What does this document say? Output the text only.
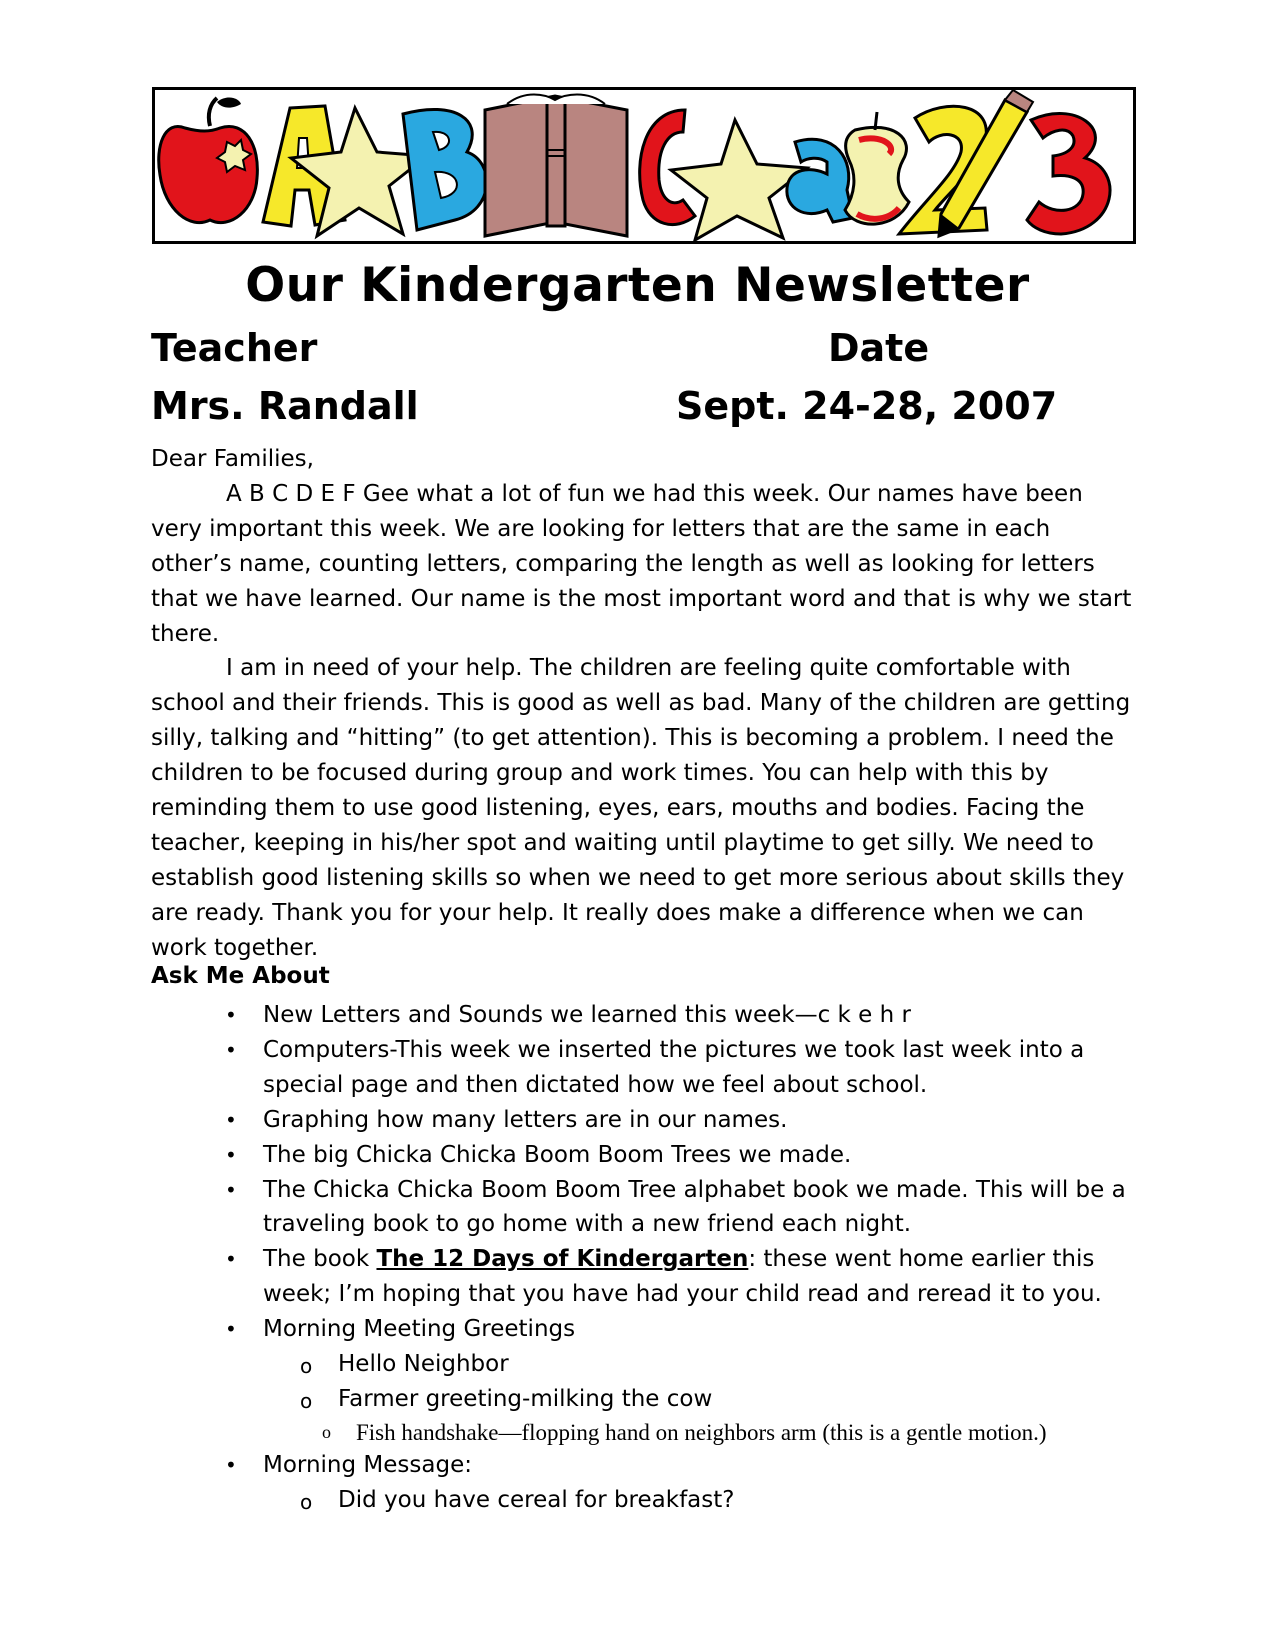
Our Kindergarten Newsletter
Teacher	Date
Mrs. Randall	Sept. 24-28, 2007

Dear Families,

A B C D E F Gee what a lot of fun we had this week. Our names have been very important this week. We are looking for letters that are the same in each other’s name, counting letters, comparing the length as well as looking for letters that we have learned. Our name is the most important word and that is why we start there.

I am in need of your help. The children are feeling quite comfortable with school and their friends. This is good as well as bad. Many of the children are getting silly, talking and “hitting” (to get attention). This is becoming a problem. I need the children to be focused during group and work times. You can help with this by reminding them to use good listening, eyes, ears, mouths and bodies. Facing the teacher, keeping in his/her spot and waiting until playtime to get silly. We need to establish good listening skills so when we need to get more serious about skills they are ready. Thank you for your help. It really does make a difference when we can work together.

Ask Me About
• New Letters and Sounds we learned this week—c k e h r
• Computers-This week we inserted the pictures we took last week into a special page and then dictated how we feel about school.
• Graphing how many letters are in our names.
• The big Chicka Chicka Boom Boom Trees we made.
• The Chicka Chicka Boom Boom Tree alphabet book we made. This will be a traveling book to go home with a new friend each night.
• The book The 12 Days of Kindergarten: these went home earlier this week; I’m hoping that you have had your child read and reread it to you.
• Morning Meeting Greetings
o Hello Neighbor
o Farmer greeting-milking the cow
o Fish handshake—flopping hand on neighbors arm (this is a gentle motion.)
• Morning Message:
o Did you have cereal for breakfast?
